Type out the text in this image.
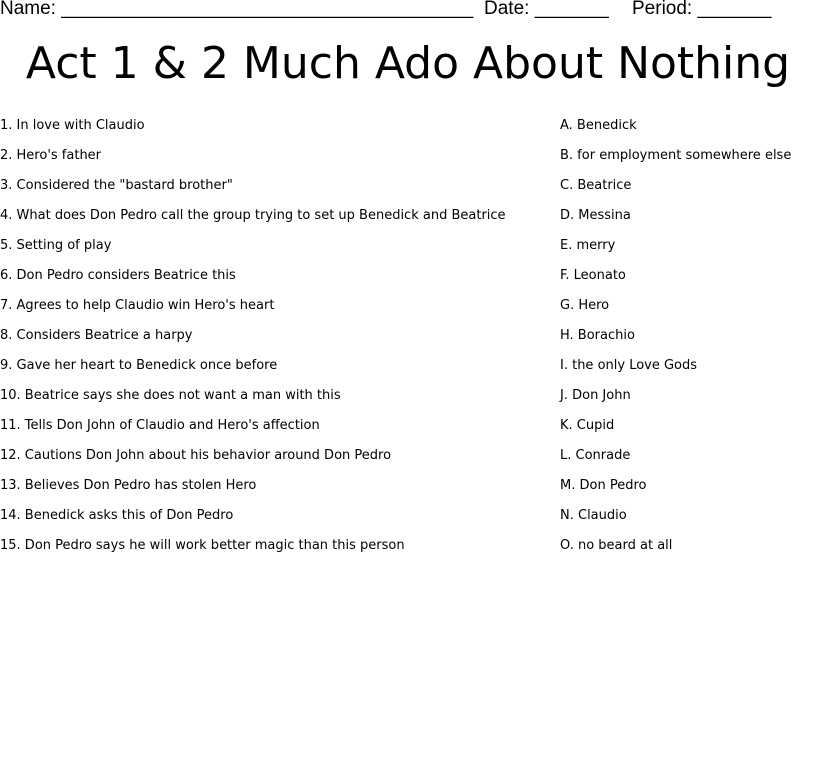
Name: _______________________________________ Date: _______ Period: _______
Act 1 & 2 Much Ado About Nothing
1. In love with Claudio
2. Hero's father
3. Considered the "bastard brother"
4. What does Don Pedro call the group trying to set up Benedick and Beatrice
5. Setting of play
6. Don Pedro considers Beatrice this
7. Agrees to help Claudio win Hero's heart
8. Considers Beatrice a harpy
9. Gave her heart to Benedick once before
10. Beatrice says she does not want a man with this
11. Tells Don John of Claudio and Hero's affection
12. Cautions Don John about his behavior around Don Pedro
13. Believes Don Pedro has stolen Hero
14. Benedick asks this of Don Pedro
15. Don Pedro says he will work better magic than this person
A. Benedick
B. for employment somewhere else
C. Beatrice
D. Messina
E. merry
F. Leonato
G. Hero
H. Borachio
I. the only Love Gods
J. Don John
K. Cupid
L. Conrade
M. Don Pedro
N. Claudio
O. no beard at all
